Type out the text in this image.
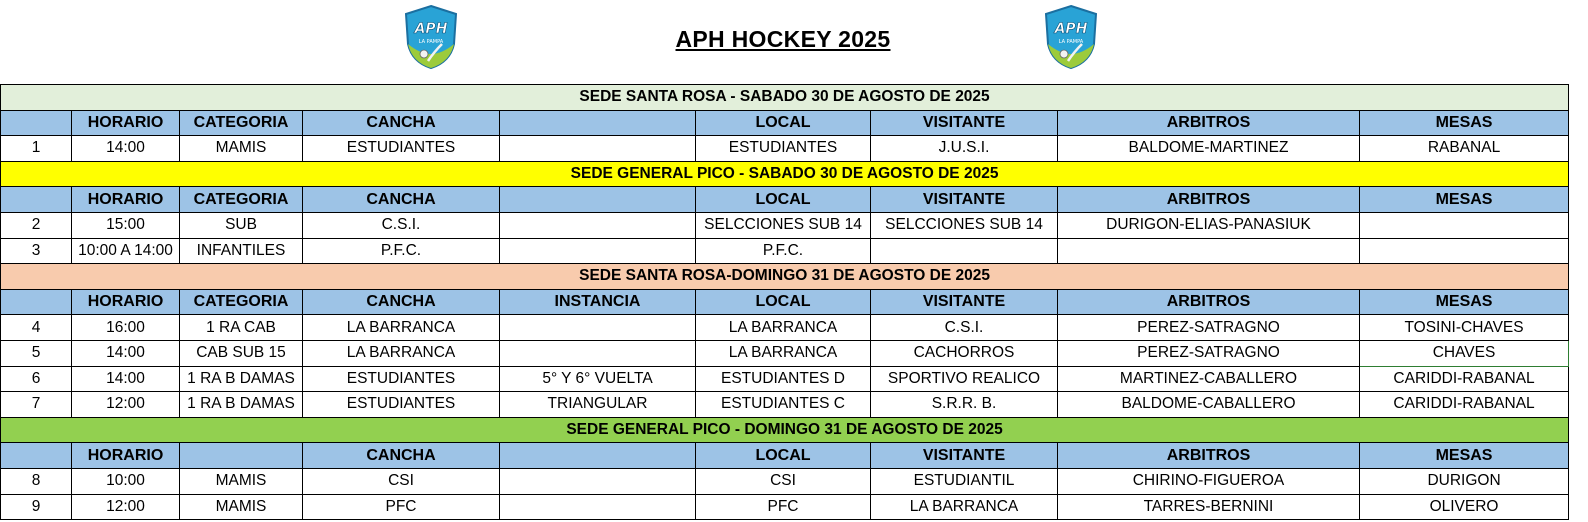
APH
LA PAMPA	APH HOCKEY 2025	APH
LA PAMPA
SEDE SANTA ROSA - SABADO 30 DE AGOSTO DE 2025								
	HORARIO	CATEGORIA	CANCHA		LOCAL	VISITANTE	ARBITROS	MESAS
1	14:00	MAMIS	ESTUDIANTES		ESTUDIANTES	J.U.S.I.	BALDOME-MARTINEZ	RABANAL
SEDE GENERAL PICO - SABADO 30 DE AGOSTO DE 2025								
	HORARIO	CATEGORIA	CANCHA		LOCAL	VISITANTE	ARBITROS	MESAS
2	15:00	SUB	C.S.I.		SELCCIONES SUB 14	SELCCIONES SUB 14	DURIGON-ELIAS-PANASIUK	
3	10:00 A 14:00	INFANTILES	P.F.C.		P.F.C.			
SEDE SANTA ROSA-DOMINGO 31 DE AGOSTO DE 2025								
	HORARIO	CATEGORIA	CANCHA	INSTANCIA	LOCAL	VISITANTE	ARBITROS	MESAS
4	16:00	1 RA CAB	LA BARRANCA		LA BARRANCA	C.S.I.	PEREZ-SATRAGNO	TOSINI-CHAVES
5	14:00	CAB SUB 15	LA BARRANCA		LA BARRANCA	CACHORROS	PEREZ-SATRAGNO	CHAVES
6	14:00	1 RA B DAMAS	ESTUDIANTES	5° Y 6° VUELTA	ESTUDIANTES D	SPORTIVO REALICO	MARTINEZ-CABALLERO	CARIDDI-RABANAL
7	12:00	1 RA B DAMAS	ESTUDIANTES	TRIANGULAR	ESTUDIANTES C	S.R.R. B.	BALDOME-CABALLERO	CARIDDI-RABANAL
SEDE GENERAL PICO - DOMINGO 31 DE AGOSTO DE 2025								
	HORARIO		CANCHA		LOCAL	VISITANTE	ARBITROS	MESAS
8	10:00	MAMIS	CSI		CSI	ESTUDIANTIL	CHIRINO-FIGUEROA	DURIGON
9	12:00	MAMIS	PFC		PFC	LA BARRANCA	TARRES-BERNINI	OLIVERO
